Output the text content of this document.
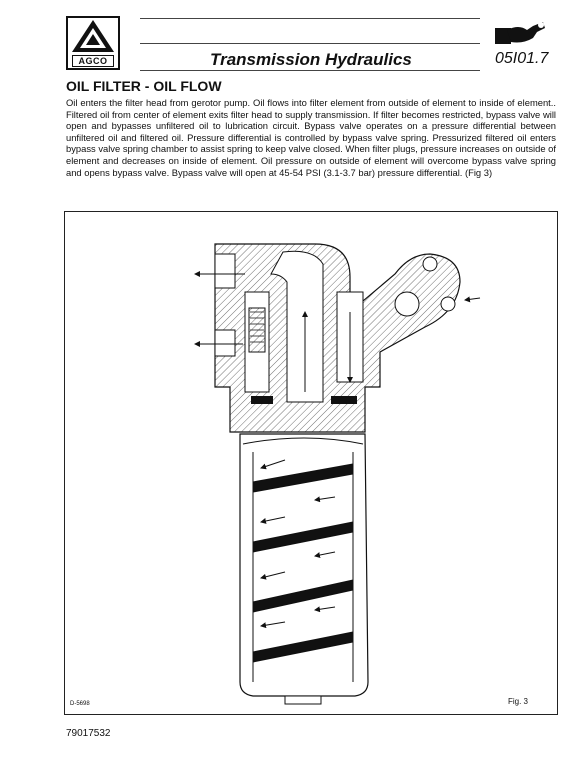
AGCO	Transmission Hydraulics	05I01.7
OIL FILTER - OIL FLOW
Oil enters the filter head from gerotor pump. Oil flows into filter element from outside of element to inside of element.. Filtered oil from center of element exits filter head to supply transmission. If filter becomes restricted, bypass valve will open and bypasses unfiltered oil to lubrication circuit. Bypass valve operates on a pressure differential between unfiltered oil and filtered oil. Pressure differential is controlled by bypass valve spring. Pressurized filtered oil enters bypass valve spring chamber to assist spring to keep valve closed. When filter plugs, pressure increases on outside of element and decreases on inside of element. Oil pressure on outside of element will overcome bypass valve spring and opens bypass valve. Bypass valve will open at 45-54 PSI (3.1-3.7 bar) pressure differential. (Fig 3)
D-5698	Fig. 3
79017532
